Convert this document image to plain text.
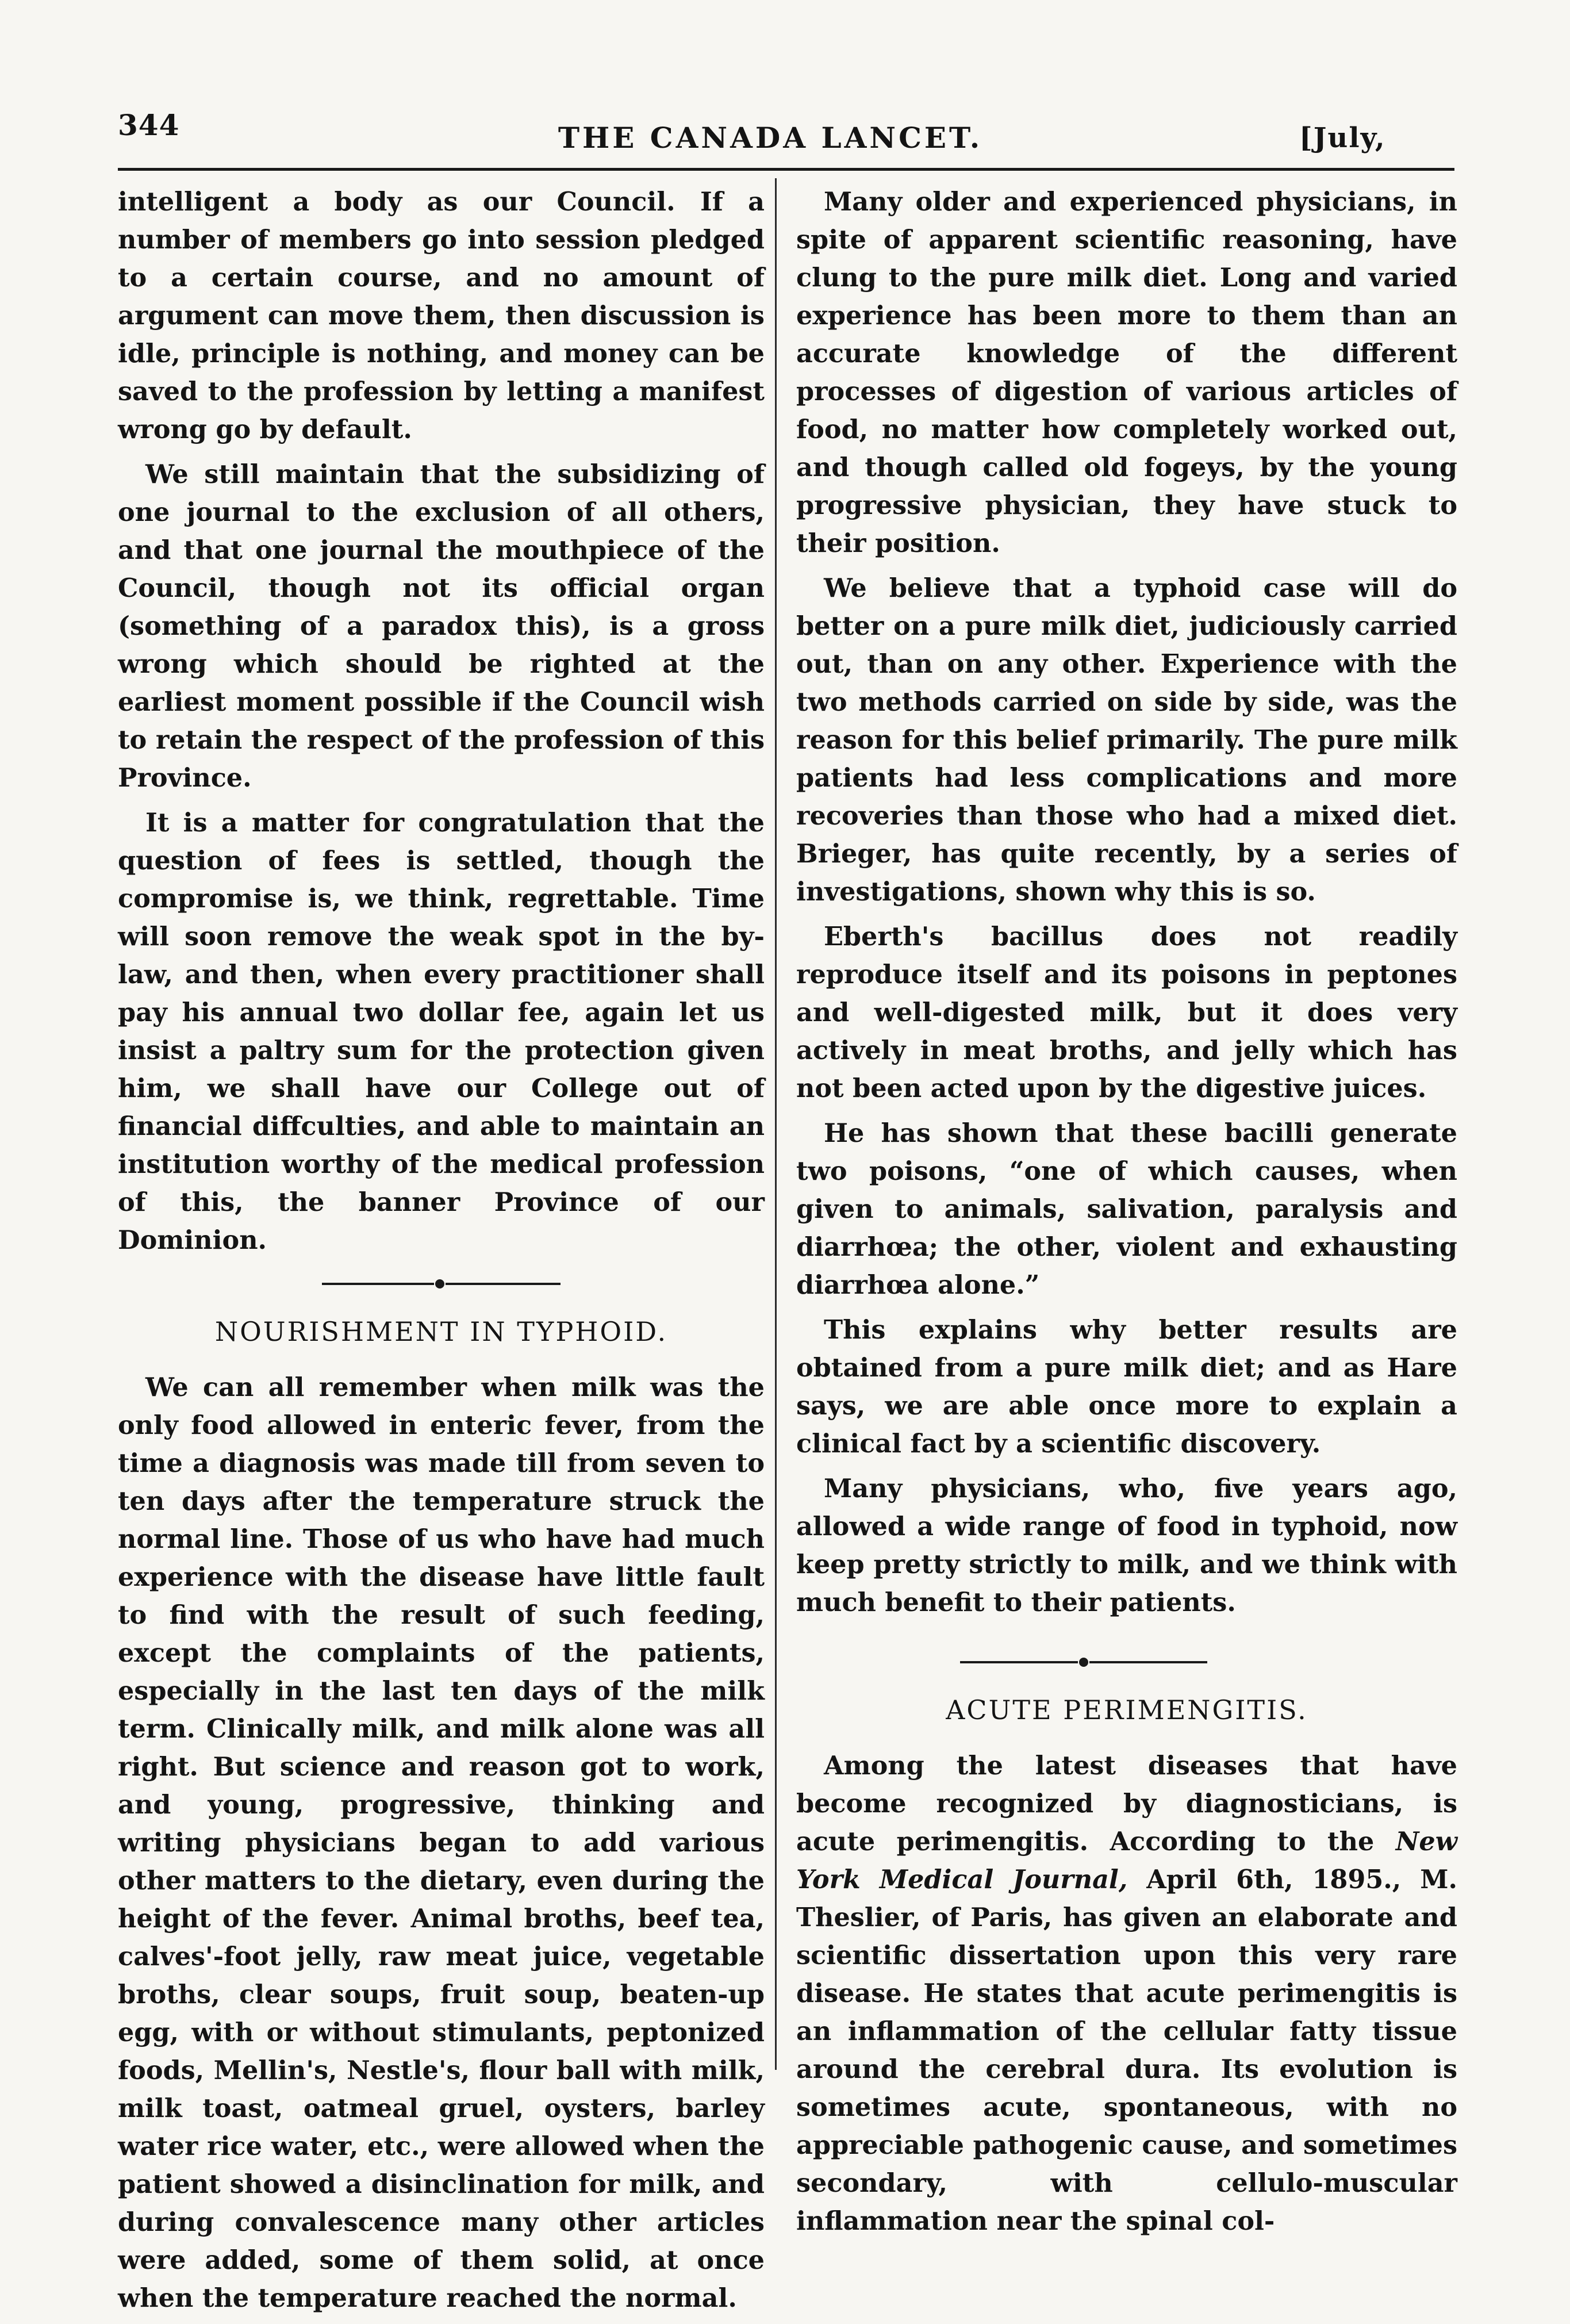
344	THE CANADA LANCET.	[July,

intelligent a body as our Council. If a number of members go into session pledged to a certain course, and no amount of argument can move them, then discussion is idle, principle is nothing, and money can be saved to the profession by letting a manifest wrong go by default.

We still maintain that the subsidizing of one journal to the exclusion of all others, and that one journal the mouthpiece of the Council, though not its official organ (something of a paradox this), is a gross wrong which should be righted at the earliest moment possible if the Council wish to retain the respect of the profession of this Province.

It is a matter for congratulation that the question of fees is settled, though the compromise is, we think, regrettable. Time will soon remove the weak spot in the by-law, and then, when every practitioner shall pay his annual two dollar fee, again let us insist a paltry sum for the protection given him, we shall have our College out of financial diffculties, and able to maintain an institution worthy of the medical profession of this, the banner Province of our Dominion.

NOURISHMENT IN TYPHOID.

We can all remember when milk was the only food allowed in enteric fever, from the time a diagnosis was made till from seven to ten days after the temperature struck the normal line. Those of us who have had much experience with the disease have little fault to find with the result of such feeding, except the complaints of the patients, especially in the last ten days of the milk term. Clinically milk, and milk alone was all right. But science and reason got to work, and young, progressive, thinking and writing physicians began to add various other matters to the dietary, even during the height of the fever. Animal broths, beef tea, calves'-foot jelly, raw meat juice, vegetable broths, clear soups, fruit soup, beaten-up egg, with or without stimulants, peptonized foods, Mellin's, Nestle's, flour ball with milk, milk toast, oatmeal gruel, oysters, barley water rice water, etc., were allowed when the patient showed a disinclination for milk, and during convalescence many other articles were added, some of them solid, at once when the temperature reached the normal.

Many older and experienced physicians, in spite of apparent scientific reasoning, have clung to the pure milk diet. Long and varied experience has been more to them than an accurate knowledge of the different processes of digestion of various articles of food, no matter how completely worked out, and though called old fogeys, by the young progressive physician, they have stuck to their position.

We believe that a typhoid case will do better on a pure milk diet, judiciously carried out, than on any other. Experience with the two methods carried on side by side, was the reason for this belief primarily. The pure milk patients had less complications and more recoveries than those who had a mixed diet. Brieger, has quite recently, by a series of investigations, shown why this is so.

Eberth's bacillus does not readily reproduce itself and its poisons in peptones and well-digested milk, but it does very actively in meat broths, and jelly which has not been acted upon by the digestive juices.

He has shown that these bacilli generate two poisons, “one of which causes, when given to animals, salivation, paralysis and diarrhœa; the other, violent and exhausting diarrhœa alone.”

This explains why better results are obtained from a pure milk diet; and as Hare says, we are able once more to explain a clinical fact by a scientific discovery.

Many physicians, who, five years ago, allowed a wide range of food in typhoid, now keep pretty strictly to milk, and we think with much benefit to their patients.

ACUTE PERIMENGITIS.

Among the latest diseases that have become recognized by diagnosticians, is acute perimengitis. According to the New York Medical Journal, April 6th, 1895., M. Theslier, of Paris, has given an elaborate and scientific dissertation upon this very rare disease. He states that acute perimengitis is an inflammation of the cellular fatty tissue around the cerebral dura. Its evolution is sometimes acute, spontaneous, with no appreciable pathogenic cause, and sometimes secondary, with cellulo-muscular inflammation near the spinal col-
